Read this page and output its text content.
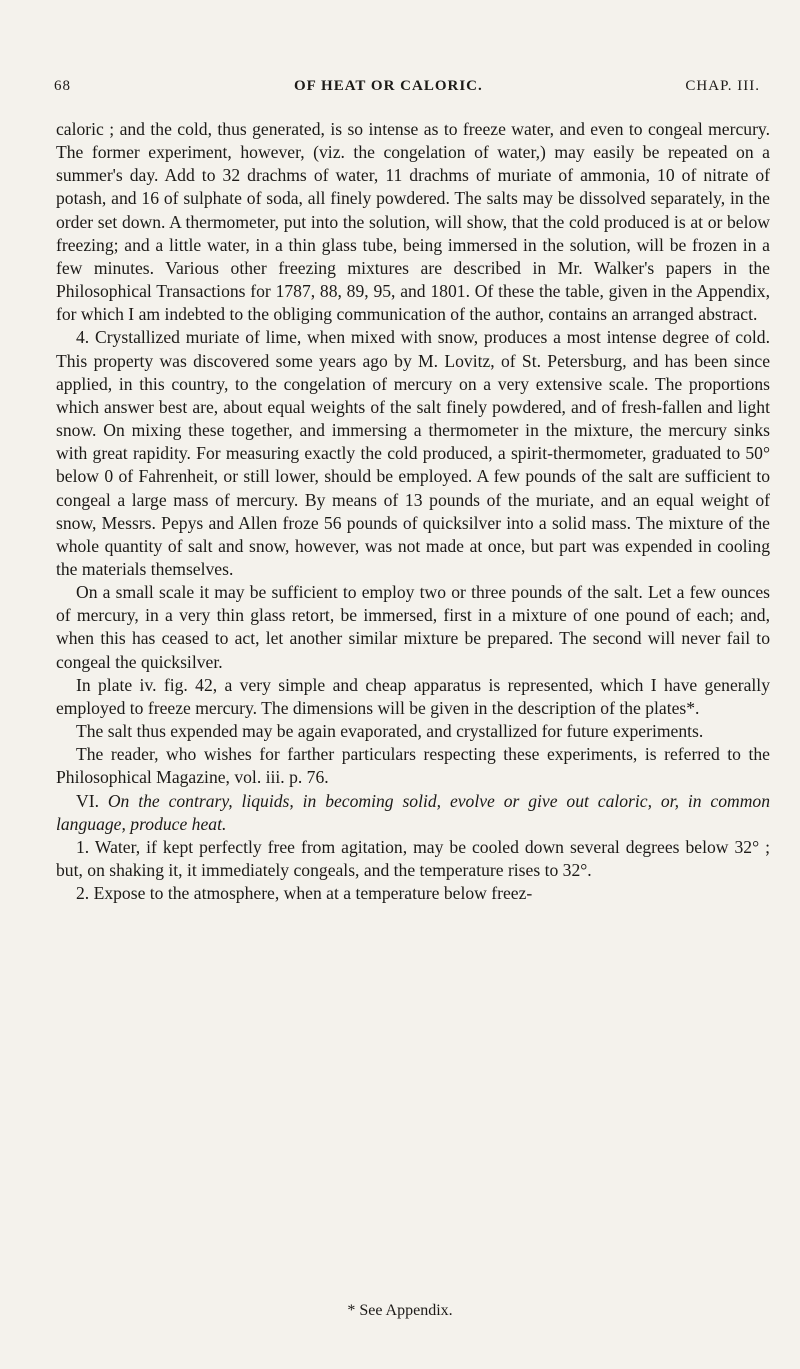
68	OF HEAT OR CALORIC.	CHAP. III.

caloric ; and the cold, thus generated, is so intense as to freeze water, and even to congeal mercury. The former experiment, however, (viz. the congelation of water,) may easily be repeated on a summer's day. Add to 32 drachms of water, 11 drachms of muriate of ammonia, 10 of nitrate of potash, and 16 of sulphate of soda, all finely powdered. The salts may be dissolved separately, in the order set down. A thermometer, put into the solution, will show, that the cold produced is at or below freezing; and a little water, in a thin glass tube, being immersed in the solution, will be frozen in a few minutes. Various other freezing mixtures are described in Mr. Walker's papers in the Philosophical Transactions for 1787, 88, 89, 95, and 1801. Of these the table, given in the Appendix, for which I am indebted to the obliging communication of the author, contains an arranged abstract.

4. Crystallized muriate of lime, when mixed with snow, produces a most intense degree of cold. This property was discovered some years ago by M. Lovitz, of St. Petersburg, and has been since applied, in this country, to the congelation of mercury on a very extensive scale. The proportions which answer best are, about equal weights of the salt finely powdered, and of fresh-fallen and light snow. On mixing these together, and immersing a thermometer in the mixture, the mercury sinks with great rapidity. For measuring exactly the cold produced, a spirit-thermometer, graduated to 50° below 0 of Fahrenheit, or still lower, should be employed. A few pounds of the salt are sufficient to congeal a large mass of mercury. By means of 13 pounds of the muriate, and an equal weight of snow, Messrs. Pepys and Allen froze 56 pounds of quicksilver into a solid mass. The mixture of the whole quantity of salt and snow, however, was not made at once, but part was expended in cooling the materials themselves.

On a small scale it may be sufficient to employ two or three pounds of the salt. Let a few ounces of mercury, in a very thin glass retort, be immersed, first in a mixture of one pound of each; and, when this has ceased to act, let another similar mixture be prepared. The second will never fail to congeal the quicksilver.

In plate iv. fig. 42, a very simple and cheap apparatus is represented, which I have generally employed to freeze mercury. The dimensions will be given in the description of the plates*.

The salt thus expended may be again evaporated, and crystallized for future experiments.

The reader, who wishes for farther particulars respecting these experiments, is referred to the Philosophical Magazine, vol. iii. p. 76.

VI. On the contrary, liquids, in becoming solid, evolve or give out caloric, or, in common language, produce heat.

1. Water, if kept perfectly free from agitation, may be cooled down several degrees below 32° ; but, on shaking it, it immediately congeals, and the temperature rises to 32°.

2. Expose to the atmosphere, when at a temperature below freez-

* See Appendix.
